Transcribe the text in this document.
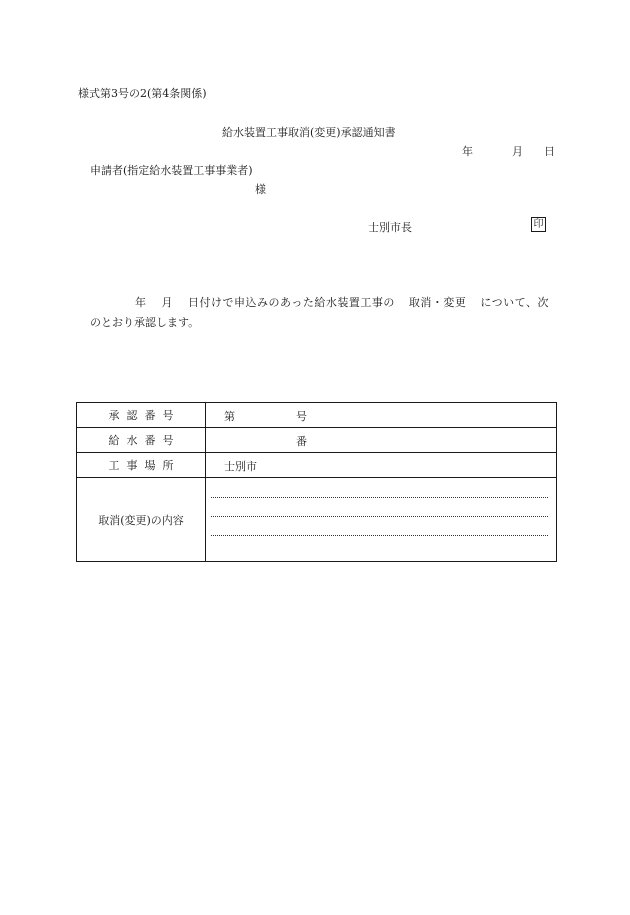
様式第3号の2(第4条関係)
給水装置工事取消(変更)承認通知書
年	月 日
申請者(指定給水装置工事事業者)
様
士別市長	印
年 月 日付けで申込みのあった給水装置工事の 取消・変更 について、次
のとおり承認します。
承認番号	第 号

給水番号	番

工事場所	士別市

取消(変更)の内容	
